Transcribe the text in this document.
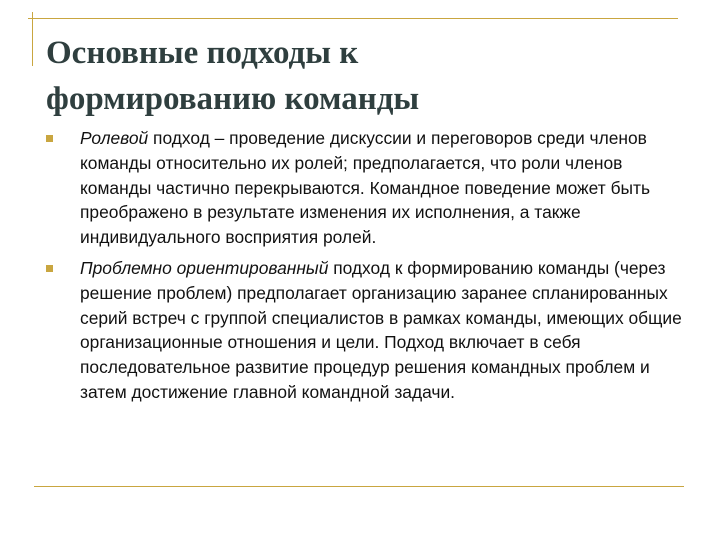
Основные подходы к
формированию команды
Ролевой подход – проведение дискуссии и переговоров среди членов команды относительно их ролей; предполагается, что роли членов команды частично перекрываются. Командное поведение может быть преображено в результате изменения их исполнения, а также индивидуального восприятия ролей.
Проблемно ориентированный подход к формированию команды (через решение проблем) предполагает организацию заранее спланированных серий встреч с группой специалистов в рамках команды, имеющих общие организационные отношения и цели. Подход включает в себя последовательное развитие процедур решения командных проблем и затем достижение главной командной задачи.
